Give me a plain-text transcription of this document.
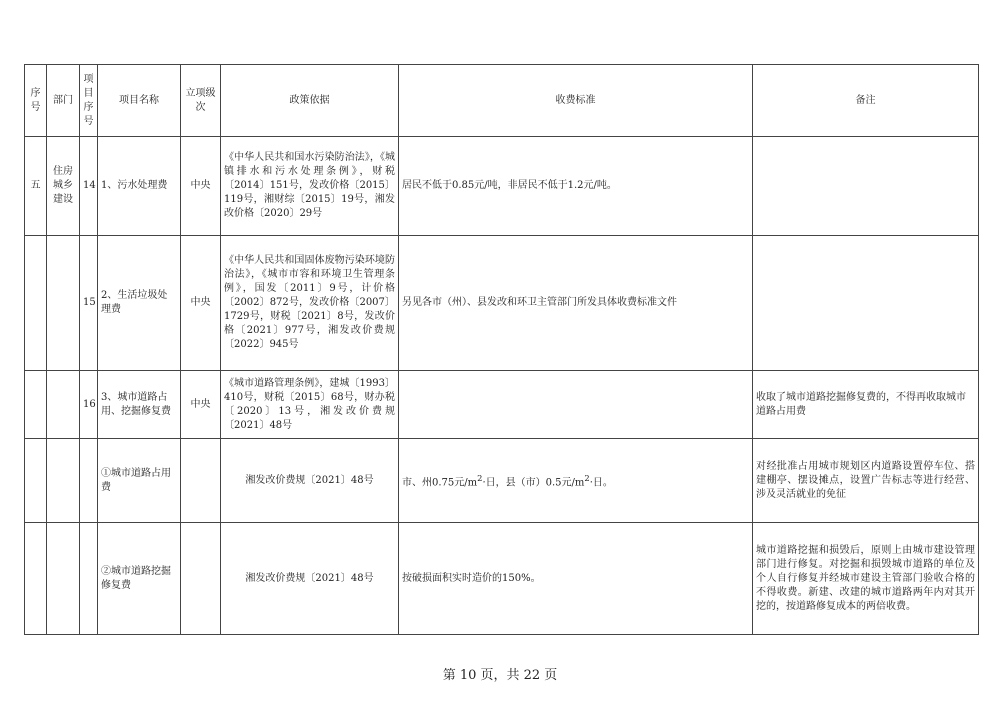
序号	部门	项目序号	项目名称	立项级次	政策依据	收费标准	备注
五	住房城乡建设	14	1、污水处理费	中央	《中华人民共和国水污染防治法》，《城镇排水和污水处理条例》，财税〔2014〕151号，发改价格〔2015〕119号，湘财综〔2015〕19号，湘发改价格〔2020〕29号	居民不低于0.85元/吨，非居民不低于1.2元/吨。	
		15	2、生活垃圾处理费	中央	《中华人民共和国固体废物污染环境防治法》，《城市市容和环境卫生管理条例》，国发〔2011〕9号，计价格〔2002〕872号，发改价格〔2007〕1729号，财税〔2021〕8号，发改价格〔2021〕977号，湘发改价费规〔2022〕945号	另见各市（州）、县发改和环卫主管部门所发具体收费标准文件	
		16	3、城市道路占用、挖掘修复费	中央	《城市道路管理条例》，建城〔1993〕410号，财税〔2015〕68号，财办税〔2020〕13号，湘发改价费规〔2021〕48号		收取了城市道路挖掘修复费的，不得再收取城市道路占用费
			①城市道路占用费		湘发改价费规〔2021〕48号	市、州0.75元$/m^2\cdot$日，县（市）0.5元$/m^2\cdot$日。	对经批准占用城市规划区内道路设置停车位、搭建棚亭、摆设摊点，设置广告标志等进行经营、涉及灵活就业的免征
			②城市道路挖掘修复费		湘发改价费规〔2021〕48号	按破损面积实时造价的150%。	城市道路挖掘和损毁后，原则上由城市建设管理部门进行修复。对挖掘和损毁城市道路的单位及个人自行修复并经城市建设主管部门验收合格的不得收费。新建、改建的城市道路两年内对其开挖的，按道路修复成本的两倍收费。
第 10 页，共 22 页
